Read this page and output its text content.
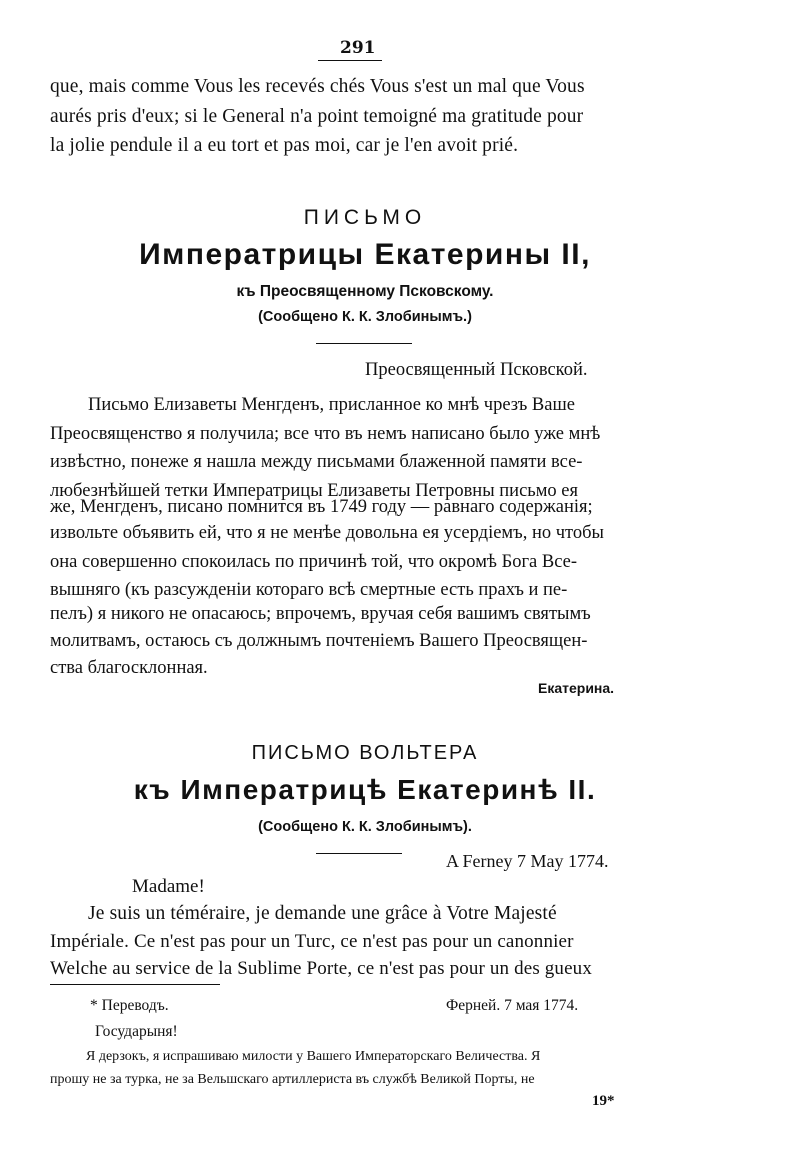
291
que, mais comme Vous les recevés chés Vous s'est un mal que Vous
aurés pris d'eux; si le General n'a point temoigné ma gratitude pour
la jolie pendule il a eu tort et pas moi, car je l'en avoit prié.
ПИСЬМО
Императрицы Екатерины II,
къ Преосвященному Псковскому.
(Сообщено К. К. Злобинымъ.)
Преосвященный Псковской.
Письмо Елизаветы Менгденъ, присланное ко мнѣ чрезъ Ваше
Преосвященство я получила; все что въ немъ написано было уже мнѣ
извѣстно, понеже я нашла между письмами блаженной памяти все-
любезнѣйшей тетки Императрицы Елизаветы Петровны письмо ея
же, Менгденъ, писано помнится въ 1749 году — равнаго содержанія;
извольте объявить ей, что я не менѣе довольна ея усердіемъ, но чтобы
она совершенно спокоилась по причинѣ той, что окромѣ Бога Все-
вышняго (къ разсужденіи котораго всѣ смертные есть прахъ и пе-
пелъ) я никого не опасаюсь; впрочемъ, вручая себя вашимъ святымъ
молитвамъ, остаюсь съ должнымъ почтеніемъ Вашего Преосвящен-
ства благосклонная.
Екатерина.
ПИСЬМО ВОЛЬТЕРА
къ Императрицѣ Екатеринѣ II.
(Сообщено К. К. Злобинымъ).
A Ferney 7 May 1774.
Madame!
Je suis un téméraire, je demande une grâce à Votre Majesté
Impériale. Ce n'est pas pour un Turc, ce n'est pas pour un canonnier
Welche au service de la Sublime Porte, ce n'est pas pour un des gueux
* Переводъ.	Ферней. 7 мая 1774.
Государыня!
Я дерзокъ, я испрашиваю милости у Вашего Императорскаго Величества. Я
прошу не за турка, не за Вельшскаго артиллериста въ службѣ Великой Порты, не
19*
